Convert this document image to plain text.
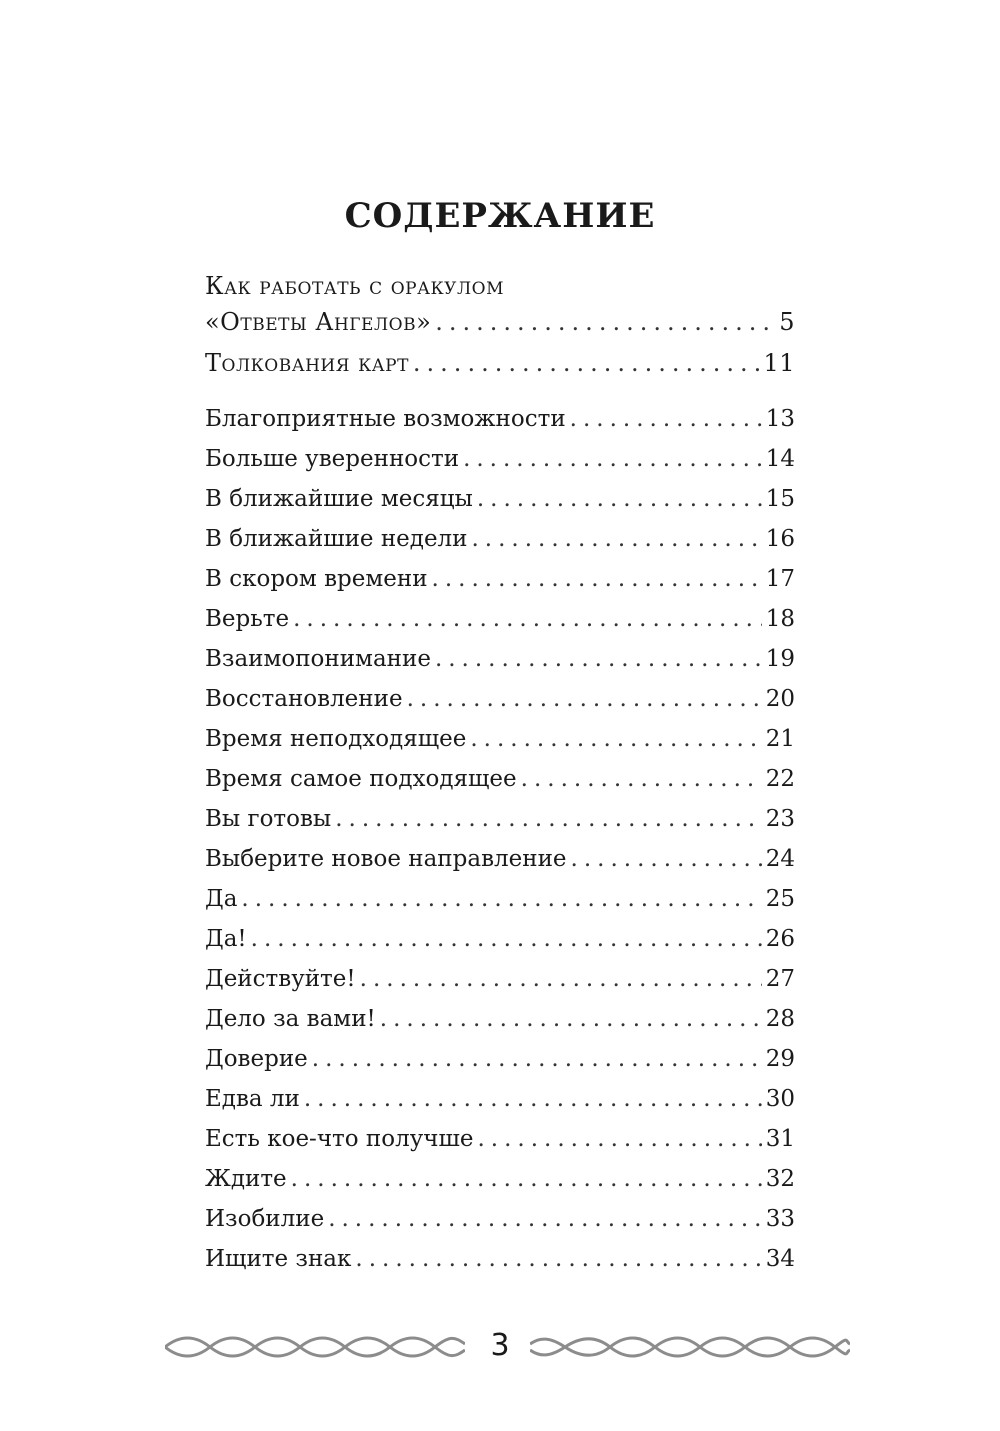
СОДЕРЖАНИЕ
Как работать с оракулом
«Ответы Ангелов» .....	5
Толкования карт .....	11
Благоприятные возможности .....	13
Больше уверенности .....	14
В ближайшие месяцы .....	15
В ближайшие недели .....	16
В скором времени .....	17
Верьте .....	18
Взаимопонимание .....	19
Восстановление .....	20
Время неподходящее .....	21
Время самое подходящее .....	22
Вы готовы .....	23
Выберите новое направление .....	24
Да .....	25
Да! .....	26
Действуйте! .....	27
Дело за вами! .....	28
Доверие .....	29
Едва ли .....	30
Есть кое-что получше .....	31
Ждите .....	32
Изобилие .....	33
Ищите знак .....	34
3
